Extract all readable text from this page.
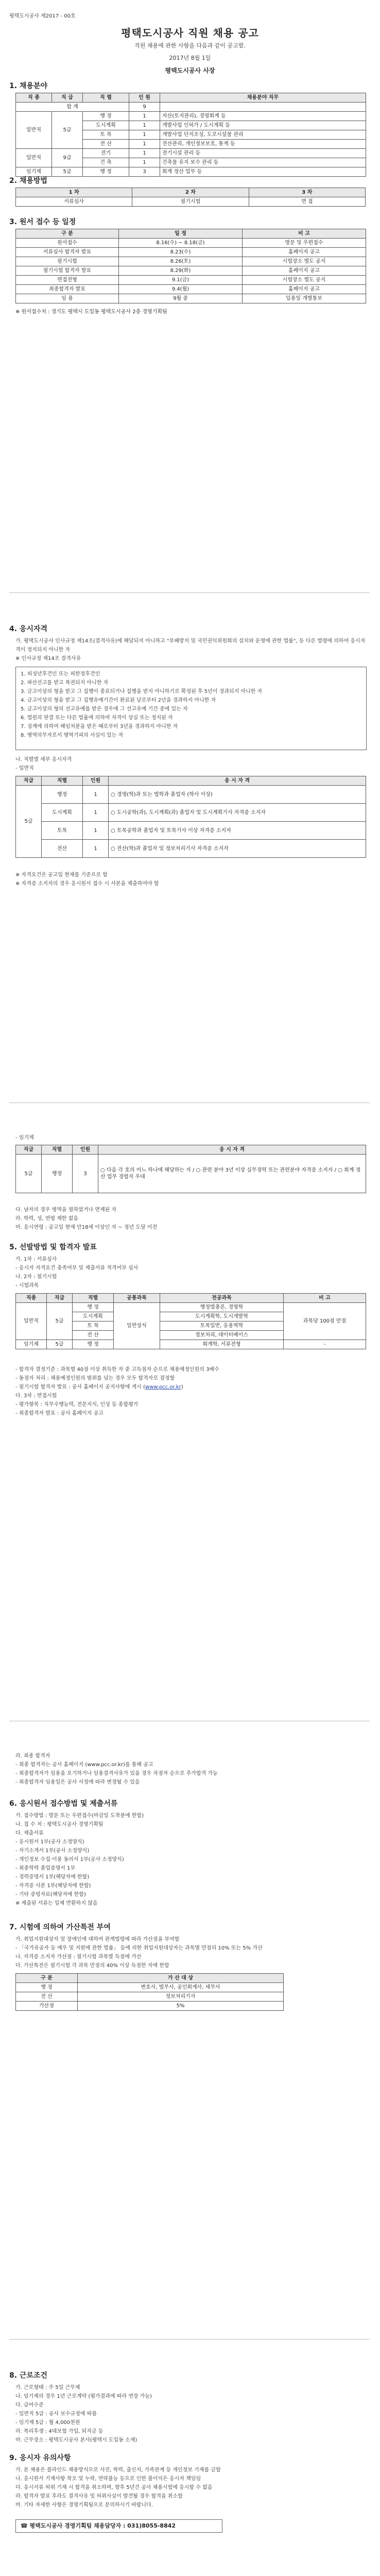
평택도시공사 제2017 - 00호
평택도시공사 직원 채용 공고
직원 채용에 관한 사항을 다음과 같이 공고함.
2017년 8월 1일
평택도시공사 사장
1. 채용분야
직 종	직 급	직 렬	인 원	채용분야 직무
합 계			9	
일반직	5급	행 정	1	자산(토지관리), 경영회계 등
		도시계획	1	개발사업 인허가 / 도시계획 등
		토 목	1	개발사업 단지조성, 도로시설물 관리
		전 산	1	전산관리, 개인정보보호, 통계 등
일반직	9급	전기	1	전기시설 관리 등
		건 축	1	건축물 유지 보수 관리 등
임기제	5급	행 정	3	회계 정산 업무 등
2. 채용방법
1 차	2 차	3 차
서류심사	필기시험	면 접
3. 원서 접수 등 일정
구 분	일 정	비 고
원서접수	8.16(수) ~ 8.18(금)	방문 및 우편접수
서류심사 합격자 발표	8.23(수)	홈페이지 공고
필기시험	8.26(토)	시험장소 별도 공지
필기시험 합격자 발표	8.29(화)	홈페이지 공고
면접전형	9.1(금)	시험장소 별도 공지
최종합격자 발표	9.4(월)	홈페이지 공고
임 용	9월 중	입용일 개별통보
※ 원서접수처 : 경기도 평택시 도일동 평택도시공사 2층 경영기획팀
4. 응시자격
가. 평택도시공사 인사규정 제14조(결격사유)에 해당되지 아니하고 "부패방지 및 국민권익위원회의 설치와 운영에 관한 법률", 등 다른 법령에 의하여 응시자격이 정지되지 아니한 자
※ 인사규정 제14조 결격사유
1. 피성년후견인 또는 피한정후견인
2. 파산선고를 받고 복권되지 아니한 자
3. 금고이상의 형을 받고 그 집행이 종료되거나 집행을 받지 아니하기로 확정된 후 5년이 경과되지 아니한 자
4. 금고이상의 형을 받고 그 집행유예기간이 완료된 날로부터 2년을 경과하지 아니한 자
5. 금고이상의 형의 선고유예를 받은 경우에 그 선고유예 기간 중에 있는 자
6. 법원의 판결 또는 다른 법률에 의하여 자격이 상실 또는 정지된 자
7. 징계에 의하여 해임처분을 받은 때로부터 3년을 경과하지 아니한 자
8. 병역의무자로서 병역기피의 사실이 있는 자
나. 직렬별 세부 응시자격
- 일반직
직급	직렬	인원	응 시 자 격
5급	행정	1	○ 경영(학)과 또는 법학과 졸업자 (학사 이상)
	도시계획	1	○ 도시공학(과), 도시계획(과) 졸업자 및 도시계획기사 자격증 소지자
	토목	1	○ 토목공학과 졸업자 및 토목기사 이상 자격증 소지자
	전산	1	○ 전산(학)과 졸업자 및 정보처리기사 자격증 소지자
※ 자격요건은 공고일 현재를 기준으로 함
※ 자격증 소지자의 경우 응시원서 접수 시 사본을 제출하여야 함
- 임기제
직급	직렬	인원	응 시 자 격
5급	행정	3	○ 다음 각 호의 어느 하나에 해당하는 자 / ○ 관련 분야 3년 이상 실무경력 또는 관련분야 자격증 소지자 / ○ 회계 정산 업무 경험자 우대
다. 남자의 경우 병역을 필하였거나 면제된 자
라. 학력, 성, 연령 제한 없음
마. 응시연령 : 공고일 현재 만18세 이상인 자 ~ 정년 도달 이전
5. 선발방법 및 합격자 발표
가. 1차 : 서류심사
- 응시자 자격요건 충족여부 및 제출서류 적격여부 심사
나. 2차 : 필기시험
- 시험과목
직종	직급	직렬	공통과목	전공과목	비 고
일반직	5급	행 정	일반상식	행정법총론, 경영학	과목당 100점 만점
		도시계획		도시계획학, 도시개발학	
		토 목		토목일반, 응용역학	
		전 산		정보처리, 데이터베이스	
임기제	5급	행 정		회계학, 서류전형	-
- 합격자 결정기준 : 과목별 40점 이상 취득한 자 중 고득점자 순으로 채용예정인원의 3배수
- 동점자 처리 : 채용예정인원의 범위를 넘는 경우 모두 합격자로 결정함
- 필기시험 합격자 발표 : 공사 홈페이지 공지사항에 게시 (www.pcc.or.kr)
다. 3차 : 면접시험
- 평가항목 : 직무수행능력, 전문지식, 인성 등 종합평가
- 최종합격자 발표 : 공사 홈페이지 공고
라. 최종 합격자
- 최종 합격자는 공사 홈페이지 (www.pcc.or.kr)를 통해 공고
- 최종합격자가 임용을 포기하거나 임용결격사유가 있을 경우 차점자 순으로 추가합격 가능
- 최종합격자 임용일은 공사 사정에 따라 변경될 수 있음
6. 응시원서 접수방법 및 제출서류
가. 접수방법 : 방문 또는 우편접수(마감일 도착분에 한함)
나. 접 수 처 : 평택도시공사 경영기획팀
다. 제출서류
- 응시원서 1부(공사 소정양식)
- 자기소개서 1부(공사 소정양식)
- 개인정보 수집·이용 동의서 1부(공사 소정양식)
- 최종학력 졸업증명서 1부
- 경력증명서 1부(해당자에 한함)
- 자격증 사본 1부(해당자에 한함)
- 기타 증빙자료(해당자에 한함)
※ 제출된 서류는 일체 반환하지 않음
7. 시험에 의하여 가산특전 부여
가. 취업지원대상자 및 장애인에 대하여 관계법령에 따라 가산점을 부여함
- 「국가유공자 등 예우 및 지원에 관한 법률」 등에 의한 취업지원대상자는 과목별 만점의 10% 또는 5% 가산
나. 자격증 소지자 가산점 : 필기시험 과목별 득점에 가산
다. 가산특전은 필기시험 각 과목 만점의 40% 이상 득점한 자에 한함
구 분	가 산 대 상
행 정	변호사, 법무사, 공인회계사, 세무사
전 산	정보처리기사
가산점	5%
8. 근로조건
가. 근로형태 : 주 5일 근무제
나. 임기제의 경우 1년 근로계약 (평가결과에 따라 연장 가능)
다. 급여수준
- 일반직 5급 : 공사 보수규정에 따름
- 임기제 5급 : 월 4,000천원
라. 복리후생 : 4대보험 가입, 퇴직금 등
마. 근무장소 : 평택도시공사 본사(평택시 도일동 소재)
9. 응시자 유의사항
가. 본 채용은 블라인드 채용방식으로 사진, 학력, 출신지, 가족관계 등 개인정보 기재를 금함
나. 응시원서 기재사항 착오 및 누락, 연락불능 등으로 인한 불이익은 응시자 책임임
다. 응시서류 허위 기재 시 합격을 취소하며, 향후 5년간 공사 채용시험에 응시할 수 없음
라. 합격자 발표 후라도 결격사유 및 허위사실이 발견될 경우 합격을 취소함
마. 기타 자세한 사항은 경영기획팀으로 문의하시기 바랍니다.
☎ 평택도시공사 경영기획팀 채용담당자 : 031)8055-8842
